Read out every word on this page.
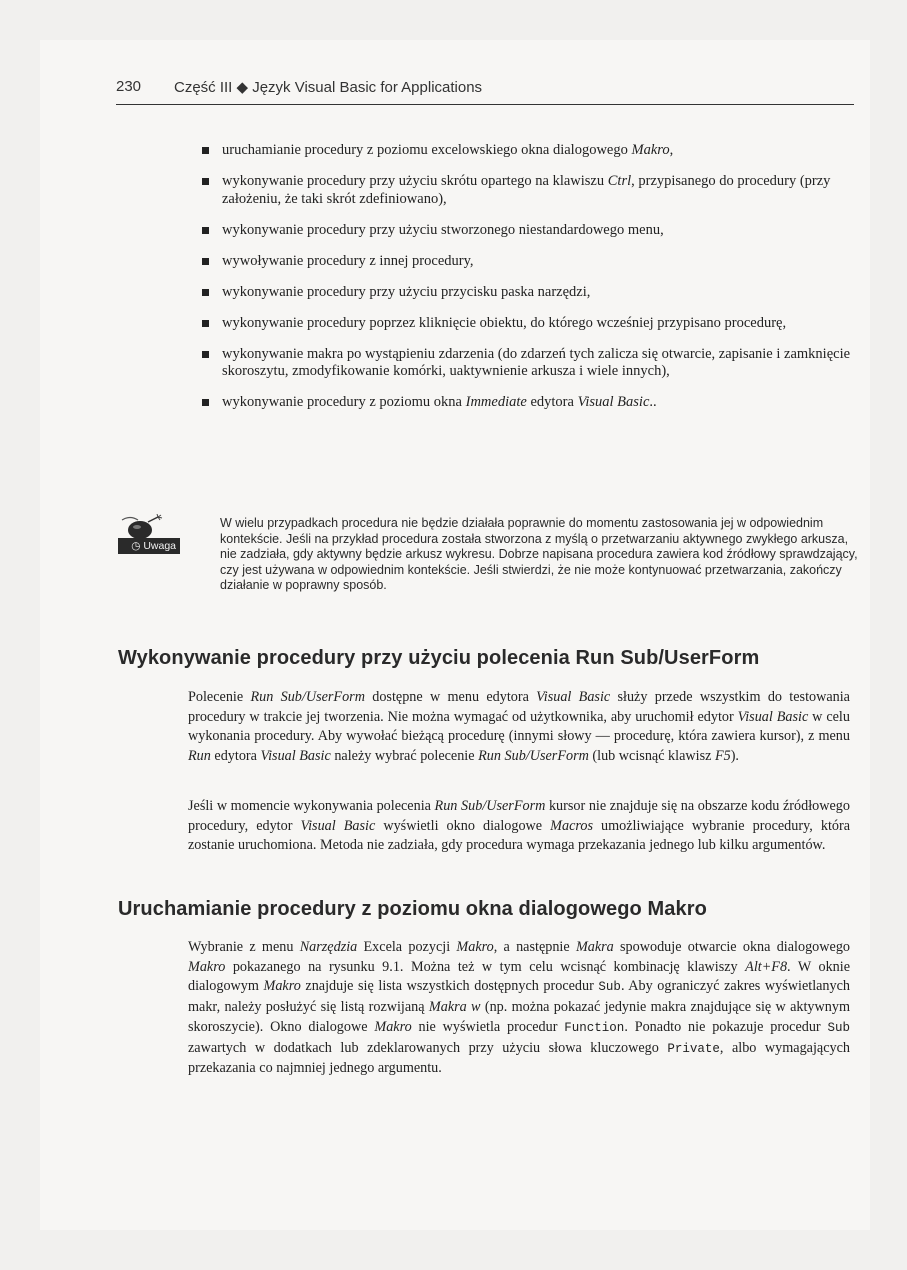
230 Część III ◆ Język Visual Basic for Applications
uruchamianie procedury z poziomu excelowskiego okna dialogowego Makro,
wykonywanie procedury przy użyciu skrótu opartego na klawiszu Ctrl, przypisanego do procedury (przy założeniu, że taki skrót zdefiniowano),
wykonywanie procedury przy użyciu stworzonego niestandardowego menu,
wywoływanie procedury z innej procedury,
wykonywanie procedury przy użyciu przycisku paska narzędzi,
wykonywanie procedury poprzez kliknięcie obiektu, do którego wcześniej przypisano procedurę,
wykonywanie makra po wystąpieniu zdarzenia (do zdarzeń tych zalicza się otwarcie, zapisanie i zamknięcie skoroszytu, zmodyfikowanie komórki, uaktywnienie arkusza i wiele innych),
wykonywanie procedury z poziomu okna Immediate edytora Visual Basic..
◷ Uwaga
W wielu przypadkach procedura nie będzie działała poprawnie do momentu zastosowania jej w odpowiednim kontekście. Jeśli na przykład procedura została stworzona z myślą o przetwarzaniu aktywnego zwykłego arkusza, nie zadziała, gdy aktywny będzie arkusz wykresu. Dobrze napisana procedura zawiera kod źródłowy sprawdzający, czy jest używana w odpowiednim kontekście. Jeśli stwierdzi, że nie może kontynuować przetwarzania, zakończy działanie w poprawny sposób.
Wykonywanie procedury przy użyciu polecenia Run Sub/UserForm
Polecenie Run Sub/UserForm dostępne w menu edytora Visual Basic służy przede wszystkim do testowania procedury w trakcie jej tworzenia. Nie można wymagać od użytkownika, aby uruchomił edytor Visual Basic w celu wykonania procedury. Aby wywołać bieżącą procedurę (innymi słowy — procedurę, która zawiera kursor), z menu Run edytora Visual Basic należy wybrać polecenie Run Sub/UserForm (lub wcisnąć klawisz F5).
Jeśli w momencie wykonywania polecenia Run Sub/UserForm kursor nie znajduje się na obszarze kodu źródłowego procedury, edytor Visual Basic wyświetli okno dialogowe Macros umożliwiające wybranie procedury, która zostanie uruchomiona. Metoda nie zadziała, gdy procedura wymaga przekazania jednego lub kilku argumentów.
Uruchamianie procedury z poziomu okna dialogowego Makro
Wybranie z menu Narzędzia Excela pozycji Makro, a następnie Makra spowoduje otwarcie okna dialogowego Makro pokazanego na rysunku 9.1. Można też w tym celu wcisnąć kombinację klawiszy Alt+F8. W oknie dialogowym Makro znajduje się lista wszystkich dostępnych procedur Sub. Aby ograniczyć zakres wyświetlanych makr, należy posłużyć się listą rozwijaną Makra w (np. można pokazać jedynie makra znajdujące się w aktywnym skoroszycie). Okno dialogowe Makro nie wyświetla procedur Function. Ponadto nie pokazuje procedur Sub zawartych w dodatkach lub zdeklarowanych przy użyciu słowa kluczowego Private, albo wymagających przekazania co najmniej jednego argumentu.
